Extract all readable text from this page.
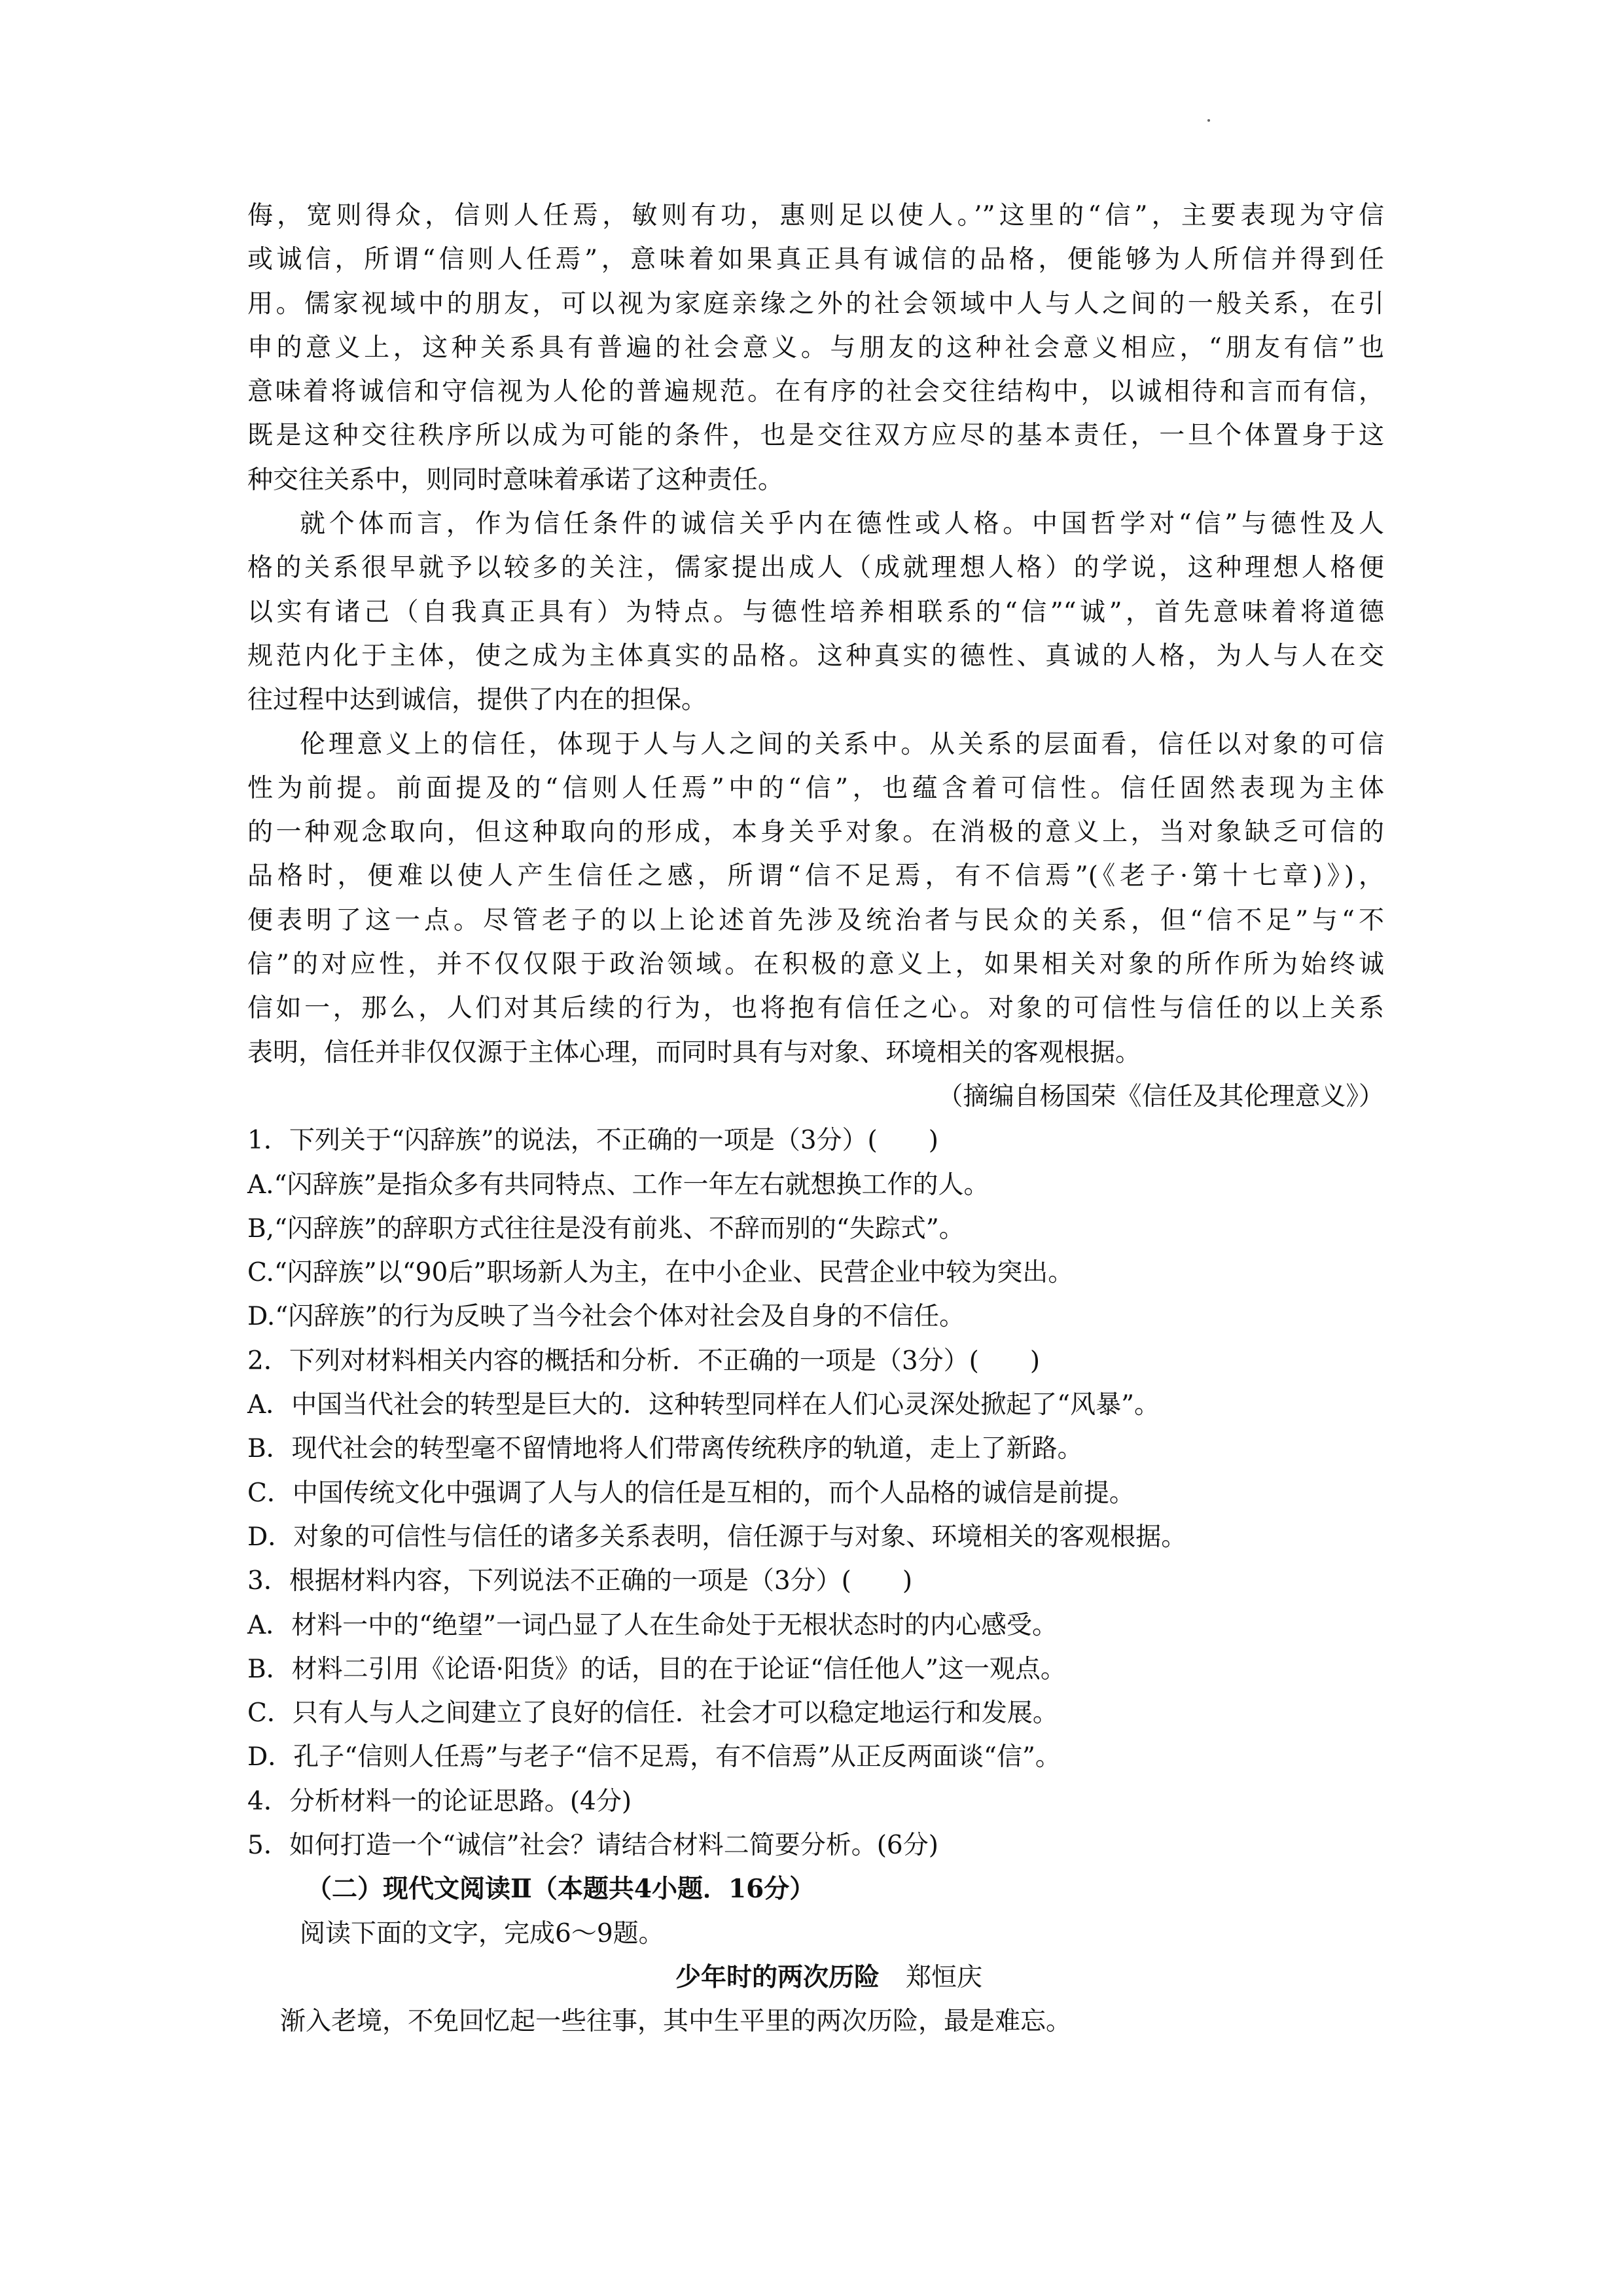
侮，宽则得众，信则人任焉，敏则有功，惠则足以使人。’”这里的“信”，主要表现为守信
或诚信，所谓“信则人任焉”，意味着如果真正具有诚信的品格，便能够为人所信并得到任
用。儒家视域中的朋友，可以视为家庭亲缘之外的社会领域中人与人之间的一般关系，在引
申的意义上，这种关系具有普遍的社会意义。与朋友的这种社会意义相应，“朋友有信”也
意味着将诚信和守信视为人伦的普遍规范。在有序的社会交往结构中，以诚相待和言而有信，
既是这种交往秩序所以成为可能的条件，也是交往双方应尽的基本责任，一旦个体置身于这
种交往关系中，则同时意味着承诺了这种责任。
就个体而言，作为信任条件的诚信关乎内在德性或人格。中国哲学对“信”与德性及人
格的关系很早就予以较多的关注，儒家提出成人（成就理想人格）的学说，这种理想人格便
以实有诸己（自我真正具有）为特点。与德性培养相联系的“信”“诚”，首先意味着将道德
规范内化于主体，使之成为主体真实的品格。这种真实的德性、真诚的人格，为人与人在交
往过程中达到诚信，提供了内在的担保。
伦理意义上的信任，体现于人与人之间的关系中。从关系的层面看，信任以对象的可信
性为前提。前面提及的“信则人任焉”中的“信”，也蕴含着可信性。信任固然表现为主体
的一种观念取向，但这种取向的形成，本身关乎对象。在消极的意义上，当对象缺乏可信的
品格时，便难以使人产生信任之感，所谓“信不足焉，有不信焉”(《老子·第十七章)》)，
便表明了这一点。尽管老子的以上论述首先涉及统治者与民众的关系，但“信不足”与“不
信”的对应性，并不仅仅限于政治领域。在积极的意义上，如果相关对象的所作所为始终诚
信如一，那么，人们对其后续的行为，也将抱有信任之心。对象的可信性与信任的以上关系
表明，信任并非仅仅源于主体心理，而同时具有与对象、环境相关的客观根据。
（摘编自杨国荣《信任及其伦理意义》）
1．下列关于“闪辞族”的说法，不正确的一项是（3分）(　　)
A.“闪辞族”是指众多有共同特点、工作一年左右就想换工作的人。
B,“闪辞族”的辞职方式往往是没有前兆、不辞而别的“失踪式”。
C.“闪辞族”以“90后”职场新人为主，在中小企业、民营企业中较为突出。
D.“闪辞族”的行为反映了当今社会个体对社会及自身的不信任。
2．下列对材料相关内容的概括和分析．不正确的一项是（3分）(　　)
A．中国当代社会的转型是巨大的．这种转型同样在人们心灵深处掀起了“风暴”。
B．现代社会的转型毫不留情地将人们带离传统秩序的轨道，走上了新路。
C．中国传统文化中强调了人与人的信任是互相的，而个人品格的诚信是前提。
D．对象的可信性与信任的诸多关系表明，信任源于与对象、环境相关的客观根据。
3．根据材料内容，下列说法不正确的一项是（3分）(　　)
A．材料一中的“绝望”一词凸显了人在生命处于无根状态时的内心感受。
B．材料二引用《论语·阳货》的话，目的在于论证“信任他人”这一观点。
C．只有人与人之间建立了良好的信任．社会才可以稳定地运行和发展。
D．孔子“信则人任焉”与老子“信不足焉，有不信焉”从正反两面谈“信”。
4．分析材料一的论证思路。(4分)
5．如何打造一个“诚信”社会？请结合材料二简要分析。(6分)
（二）现代文阅读Ⅱ（本题共4小题．16分）
阅读下面的文字，完成6～9题。
少年时的两次历险 郑恒庆
渐入老境，不免回忆起一些往事，其中生平里的两次历险，最是难忘。
